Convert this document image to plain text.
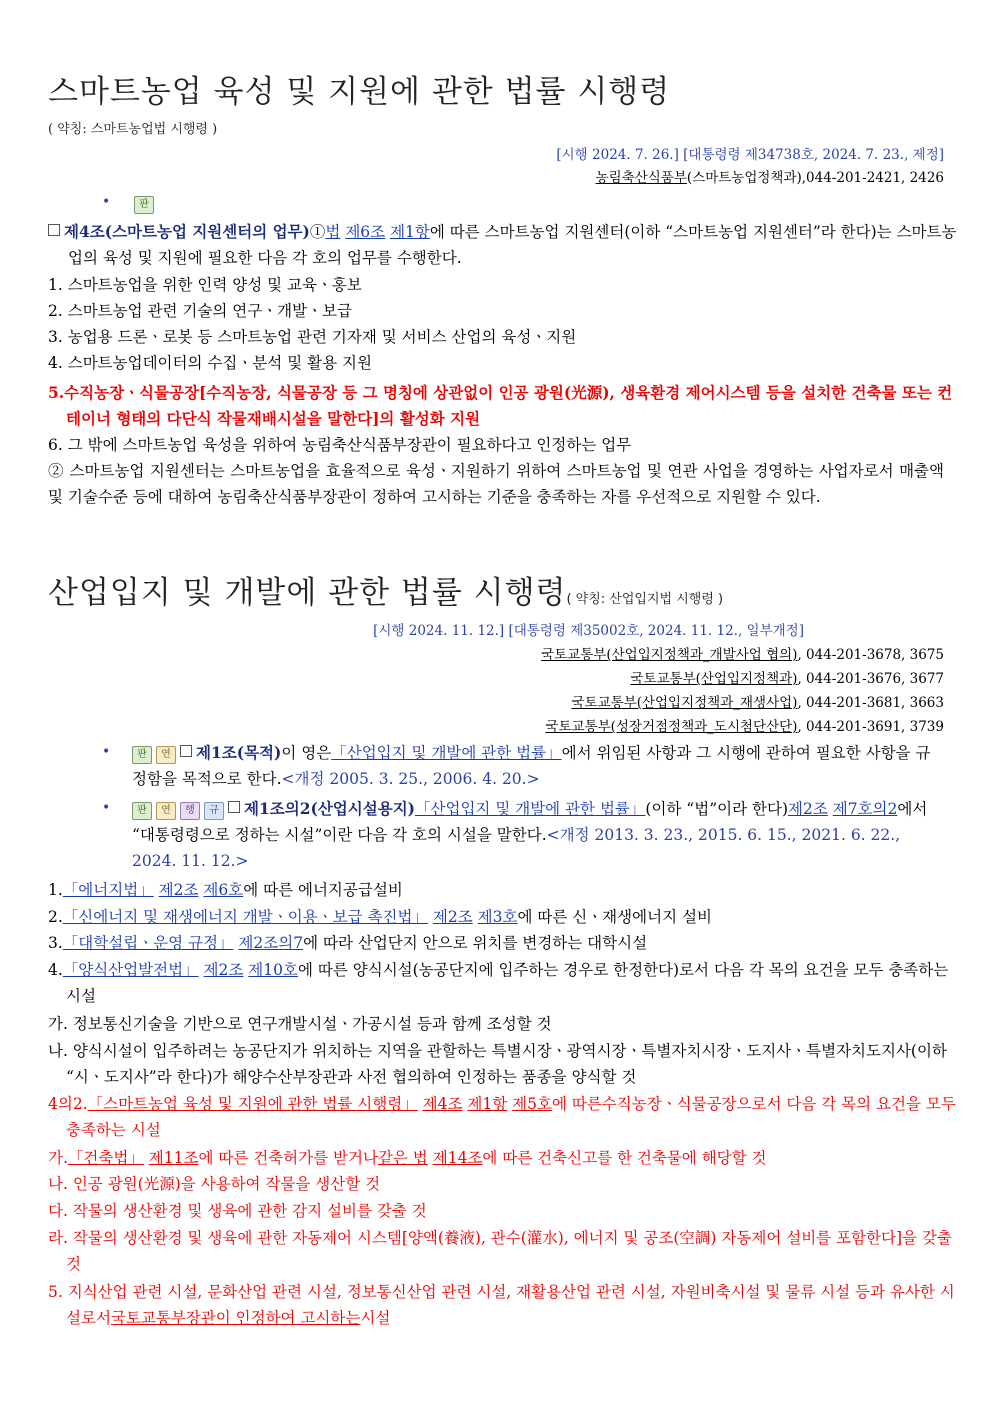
스마트농업 육성 및 지원에 관한 법률 시행령
( 약칭: 스마트농업법 시행령 )
[시행 2024. 7. 26.] [대통령령 제34738호, 2024. 7. 23., 제정]
농림축산식품부(스마트농업정책과),044-201-2421, 2426
•	판
제4조(스마트농업 지원센터의 업무)①법 제6조 제1항에 따른 스마트농업 지원센터(이하 “스마트농업 지원센터”라 한다)는 스마트농업의 육성 및 지원에 필요한 다음 각 호의 업무를 수행한다.
1. 스마트농업을 위한 인력 양성 및 교육ㆍ홍보
2. 스마트농업 관련 기술의 연구ㆍ개발ㆍ보급
3. 농업용 드론ㆍ로봇 등 스마트농업 관련 기자재 및 서비스 산업의 육성ㆍ지원
4. 스마트농업데이터의 수집ㆍ분석 및 활용 지원
5.수직농장ㆍ식물공장[수직농장, 식물공장 등 그 명칭에 상관없이 인공 광원(光源), 생육환경 제어시스템 등을 설치한 건축물 또는 컨테이너 형태의 다단식 작물재배시설을 말한다]의 활성화 지원
6. 그 밖에 스마트농업 육성을 위하여 농림축산식품부장관이 필요하다고 인정하는 업무
② 스마트농업 지원센터는 스마트농업을 효율적으로 육성ㆍ지원하기 위하여 스마트농업 및 연관 사업을 경영하는 사업자로서 매출액 및 기술수준 등에 대하여 농림축산식품부장관이 정하여 고시하는 기준을 충족하는 자를 우선적으로 지원할 수 있다.
산업입지 및 개발에 관한 법률 시행령( 약칭: 산업입지법 시행령 )
[시행 2024. 11. 12.] [대통령령 제35002호, 2024. 11. 12., 일부개정]
국토교통부(산업입지정책과_개발사업 협의), 044-201-3678, 3675
국토교통부(산업입지정책과), 044-201-3676, 3677
국토교통부(산업입지정책과_재생사업), 044-201-3681, 3663
국토교통부(성장거점정책과_도시첨단산단), 044-201-3691, 3739
•	판 연 제1조(목적)이 영은「산업입지 및 개발에 관한 법률」에서 위임된 사항과 그 시행에 관하여 필요한 사항을 규정함을 목적으로 한다.<개정 2005. 3. 25., 2006. 4. 20.>
•	판 연 행 규 제1조의2(산업시설용지)「산업입지 및 개발에 관한 법률」(이하 “법”이라 한다)제2조 제7호의2에서 “대통령령으로 정하는 시설”이란 다음 각 호의 시설을 말한다.<개정 2013. 3. 23., 2015. 6. 15., 2021. 6. 22., 2024. 11. 12.>
1.「에너지법」 제2조 제6호에 따른 에너지공급설비
2.「신에너지 및 재생에너지 개발ㆍ이용ㆍ보급 촉진법」 제2조 제3호에 따른 신ㆍ재생에너지 설비
3.「대학설립ㆍ운영 규정」 제2조의7에 따라 산업단지 안으로 위치를 변경하는 대학시설
4.「양식산업발전법」 제2조 제10호에 따른 양식시설(농공단지에 입주하는 경우로 한정한다)로서 다음 각 목의 요건을 모두 충족하는 시설
가. 정보통신기술을 기반으로 연구개발시설ㆍ가공시설 등과 함께 조성할 것
나. 양식시설이 입주하려는 농공단지가 위치하는 지역을 관할하는 특별시장ㆍ광역시장ㆍ특별자치시장ㆍ도지사ㆍ특별자치도지사(이하 “시ㆍ도지사”라 한다)가 해양수산부장관과 사전 협의하여 인정하는 품종을 양식할 것
4의2.「스마트농업 육성 및 지원에 관한 법률 시행령」 제4조 제1항 제5호에 따른수직농장ㆍ식물공장으로서 다음 각 목의 요건을 모두 충족하는 시설
가.「건축법」 제11조에 따른 건축허가를 받거나같은 법 제14조에 따른 건축신고를 한 건축물에 해당할 것
나. 인공 광원(光源)을 사용하여 작물을 생산할 것
다. 작물의 생산환경 및 생육에 관한 감지 설비를 갖출 것
라. 작물의 생산환경 및 생육에 관한 자동제어 시스템[양액(養液), 관수(灌水), 에너지 및 공조(空調) 자동제어 설비를 포함한다]을 갖출 것
5. 지식산업 관련 시설, 문화산업 관련 시설, 정보통신산업 관련 시설, 재활용산업 관련 시설, 자원비축시설 및 물류 시설 등과 유사한 시설로서국토교통부장관이 인정하여 고시하는시설
